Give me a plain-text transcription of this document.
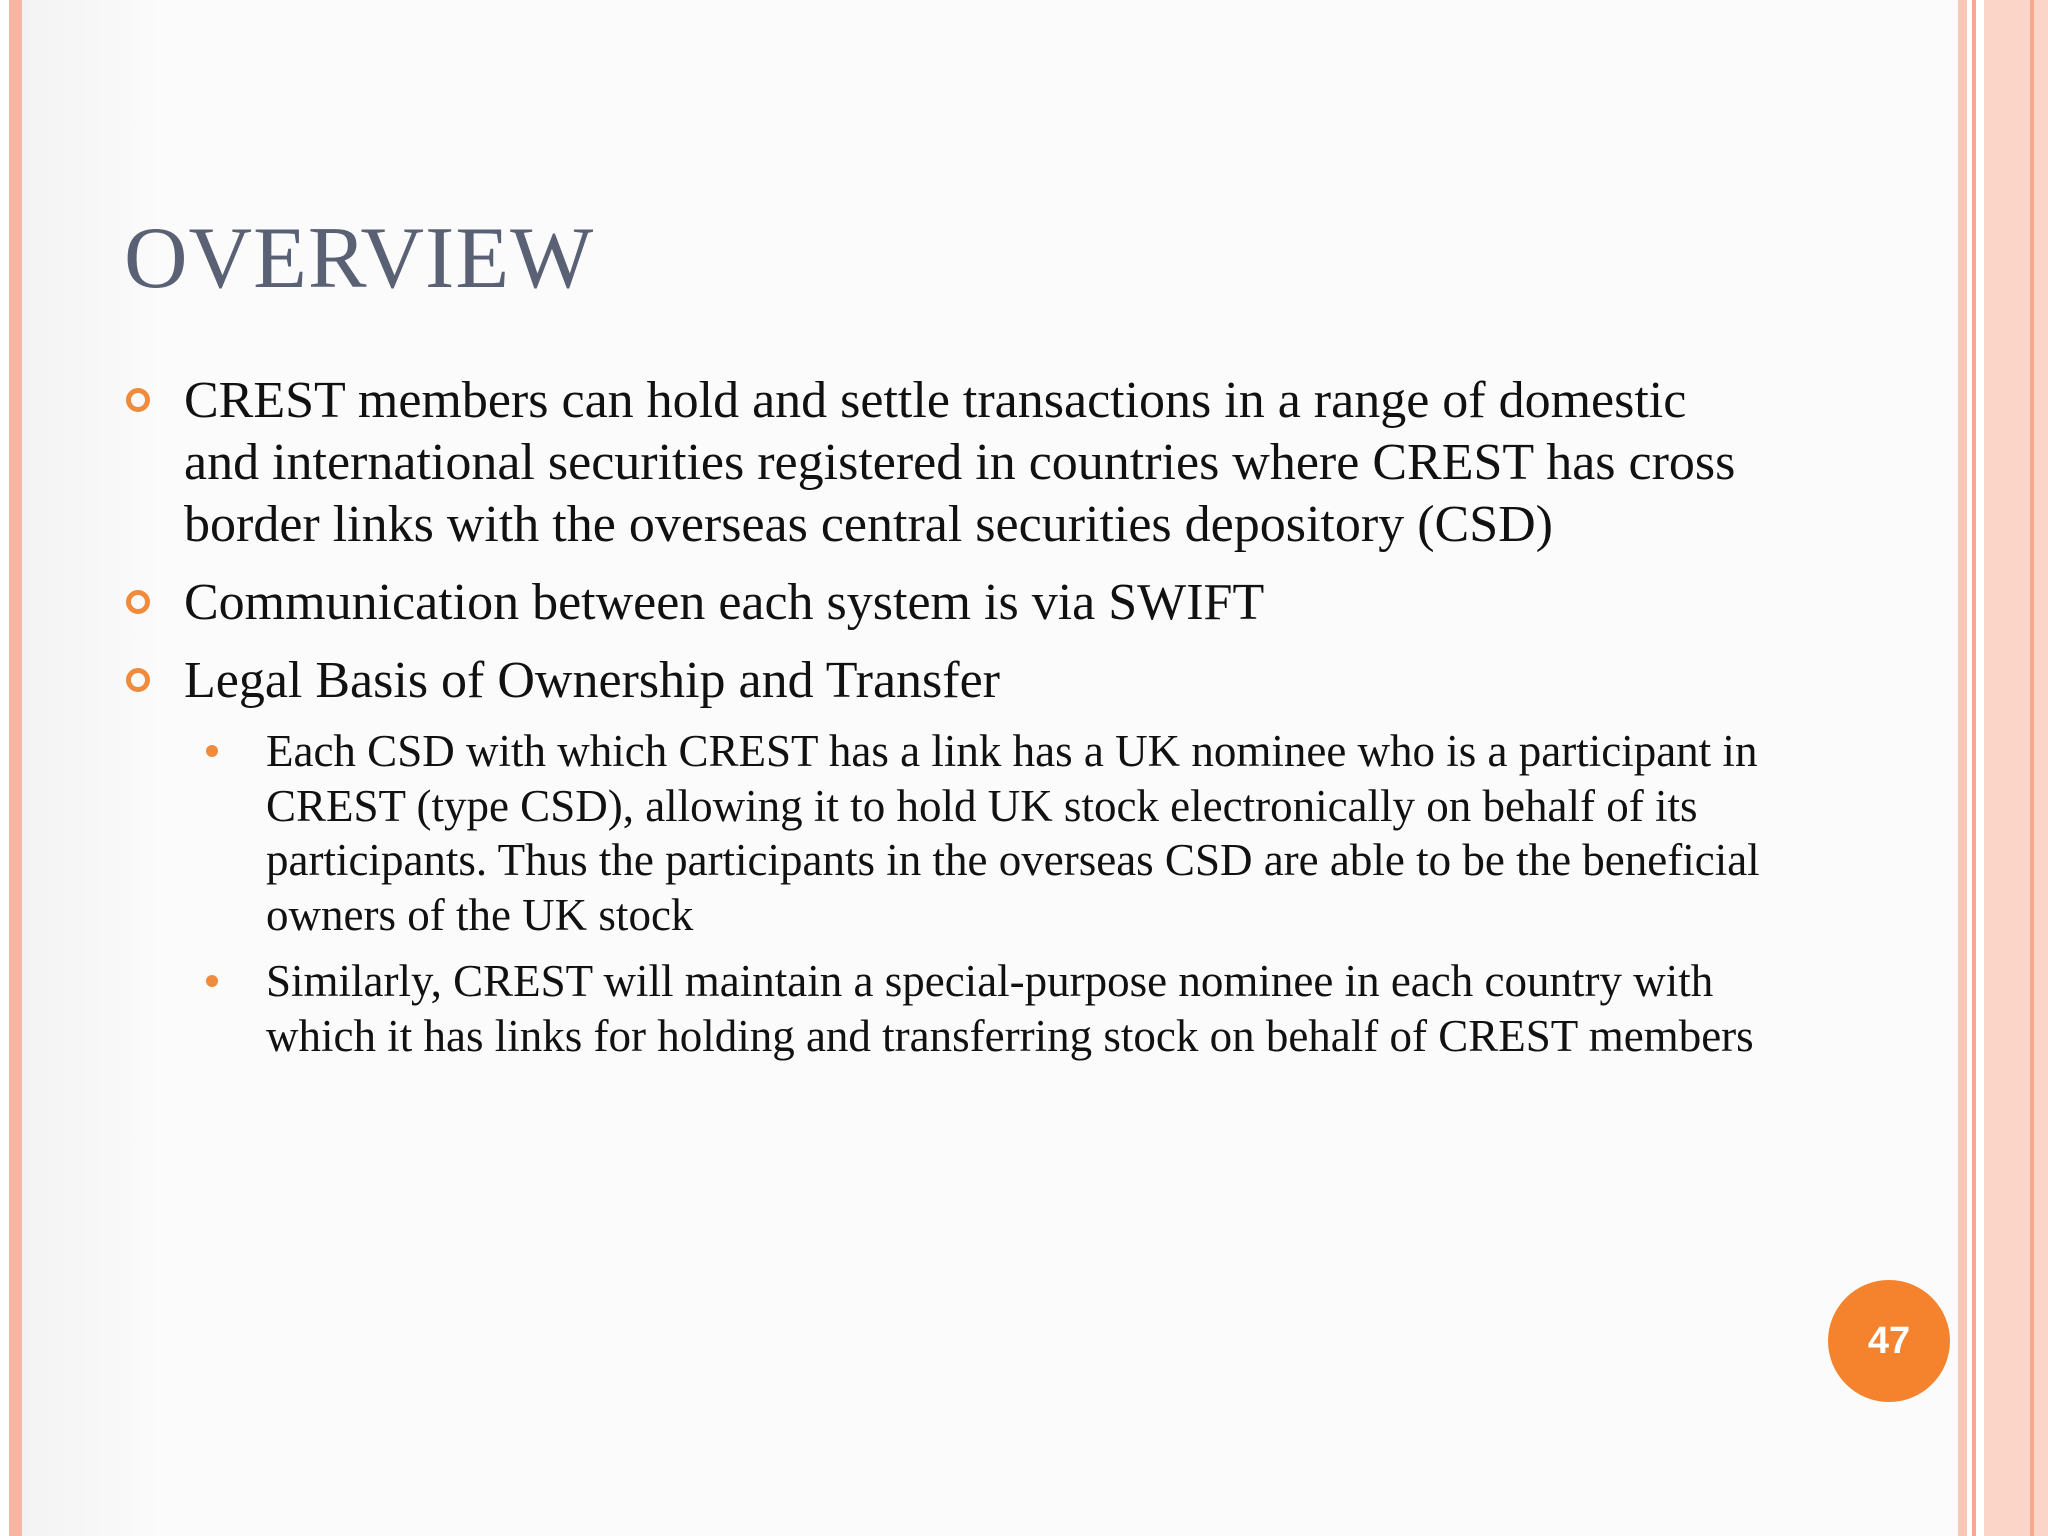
OVERVIEW
CREST members can hold and settle transactions in a range of domestic and international securities registered in countries where CREST has cross border links with the overseas central securities depository (CSD)
Communication between each system is via SWIFT
Legal Basis of Ownership and Transfer
Each CSD with which CREST has a link has a UK nominee who is a participant in CREST (type CSD), allowing it to hold UK stock electronically on behalf of its participants. Thus the participants in the overseas CSD are able to be the beneficial owners of the UK stock
Similarly, CREST will maintain a special-purpose nominee in each country with which it has links for holding and transferring stock on behalf of CREST members
47
